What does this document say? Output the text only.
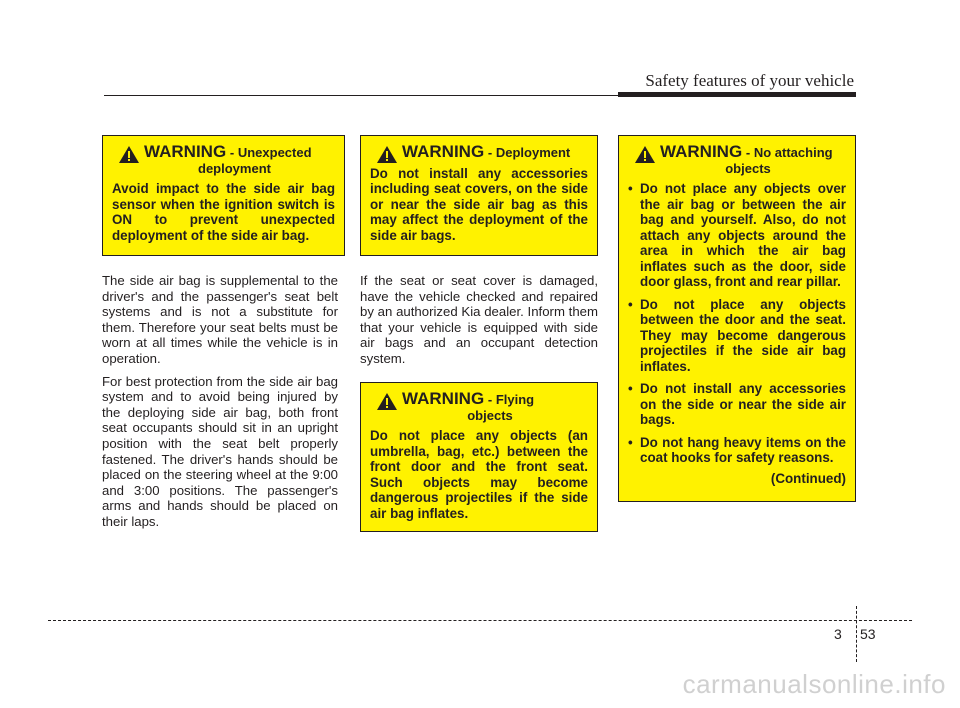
Safety features of your vehicle
WARNING - Unexpected
deployment
Avoid impact to the side air bag sensor when the ignition switch is ON to prevent unexpected deployment of the side air bag.
WARNING - Deployment
Do not install any accessories including seat covers, on the side or near the side air bag as this may affect the deployment of the side air bags.
WARNING - No attaching
objects
• Do not place any objects over the air bag or between the air bag and yourself. Also, do not attach any objects around the area in which the air bag inflates such as the door, side door glass, front and rear pillar.
• Do not place any objects between the door and the seat. They may become dangerous projectiles if the side air bag inflates.
• Do not install any accessories on the side or near the side air bags.
• Do not hang heavy items on the coat hooks for safety reasons.
(Continued)
WARNING - Flying
objects
Do not place any objects (an umbrella, bag, etc.) between the front door and the front seat. Such objects may become dangerous projectiles if the side air bag inflates.

The side air bag is supplemental to the driver's and the passenger's seat belt systems and is not a substitute for them. Therefore your seat belts must be worn at all times while the vehicle is in operation.

For best protection from the side air bag system and to avoid being injured by the deploying side air bag, both front seat occupants should sit in an upright position with the seat belt properly fastened. The driver's hands should be placed on the steering wheel at the 9:00 and 3:00 positions. The passenger's arms and hands should be placed on their laps.

If the seat or seat cover is damaged, have the vehicle checked and repaired by an authorized Kia dealer. Inform them that your vehicle is equipped with side air bags and an occupant detection system.

3 53
carmanualsonline.info
